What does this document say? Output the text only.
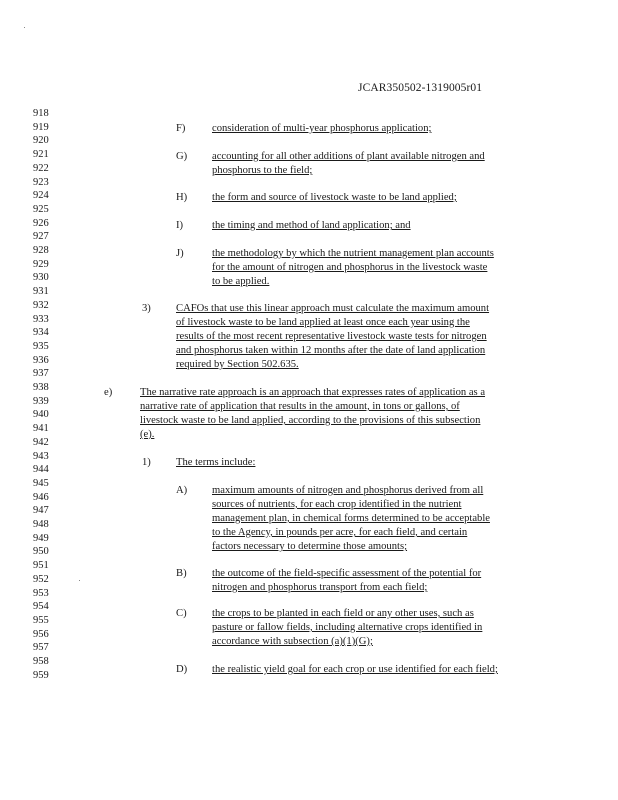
JCAR350502-1319005r01
918
919
920
921
922
923
924
925
926
927
928
929
930
931
932
933
934
935
936
937
938
939
940
941
942
943
944
945
946
947
948
949
950
951
952
953
954
955
956
957
958
959
F)	consideration of multi-year phosphorus application;
G) accounting for all other additions of plant available nitrogen and
phosphorus to the field;
H) the form and source of livestock waste to be land applied;
I)	the timing and method of land application; and
J)	the methodology by which the nutrient management plan accounts
for the amount of nitrogen and phosphorus in the livestock waste
to be applied.
3) CAFOs that use this linear approach must calculate the maximum amount
of livestock waste to be land applied at least once each year using the
results of the most recent representative livestock waste tests for nitrogen
and phosphorus taken within 12 months after the date of land application
required by Section 502.635.
e)	The narrative rate approach is an approach that expresses rates of application as a
narrative rate of application that results in the amount, in tons or gallons, of
livestock waste to be land applied, according to the provisions of this subsection
(e).
1) The terms include:
A) maximum amounts of nitrogen and phosphorus derived from all
sources of nutrients, for each crop identified in the nutrient
management plan, in chemical forms determined to be acceptable
to the Agency, in pounds per acre, for each field, and certain
factors necessary to determine those amounts;
B) the outcome of the field-specific assessment of the potential for
nitrogen and phosphorus transport from each field;
C) the crops to be planted in each field or any other uses, such as
pasture or fallow fields, including alternative crops identified in
accordance with subsection (a)(1)(G);
D) the realistic yield goal for each crop or use identified for each field;
